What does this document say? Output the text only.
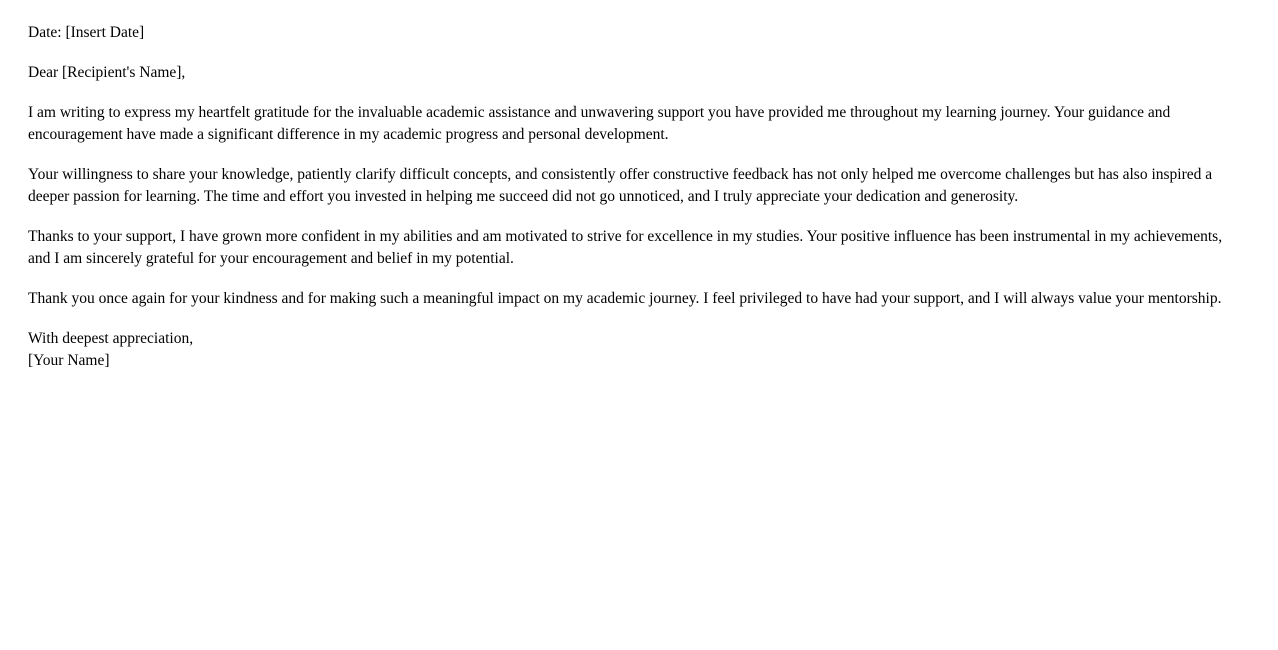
Date: [Insert Date]

Dear [Recipient's Name],

I am writing to express my heartfelt gratitude for the invaluable academic assistance and unwavering support you have provided me throughout my learning journey. Your guidance and encouragement have made a significant difference in my academic progress and personal development.

Your willingness to share your knowledge, patiently clarify difficult concepts, and consistently offer constructive feedback has not only helped me overcome challenges but has also inspired a deeper passion for learning. The time and effort you invested in helping me succeed did not go unnoticed, and I truly appreciate your dedication and generosity.

Thanks to your support, I have grown more confident in my abilities and am motivated to strive for excellence in my studies. Your positive influence has been instrumental in my achievements, and I am sincerely grateful for your encouragement and belief in my potential.

Thank you once again for your kindness and for making such a meaningful impact on my academic journey. I feel privileged to have had your support, and I will always value your mentorship.

With deepest appreciation,
[Your Name]
